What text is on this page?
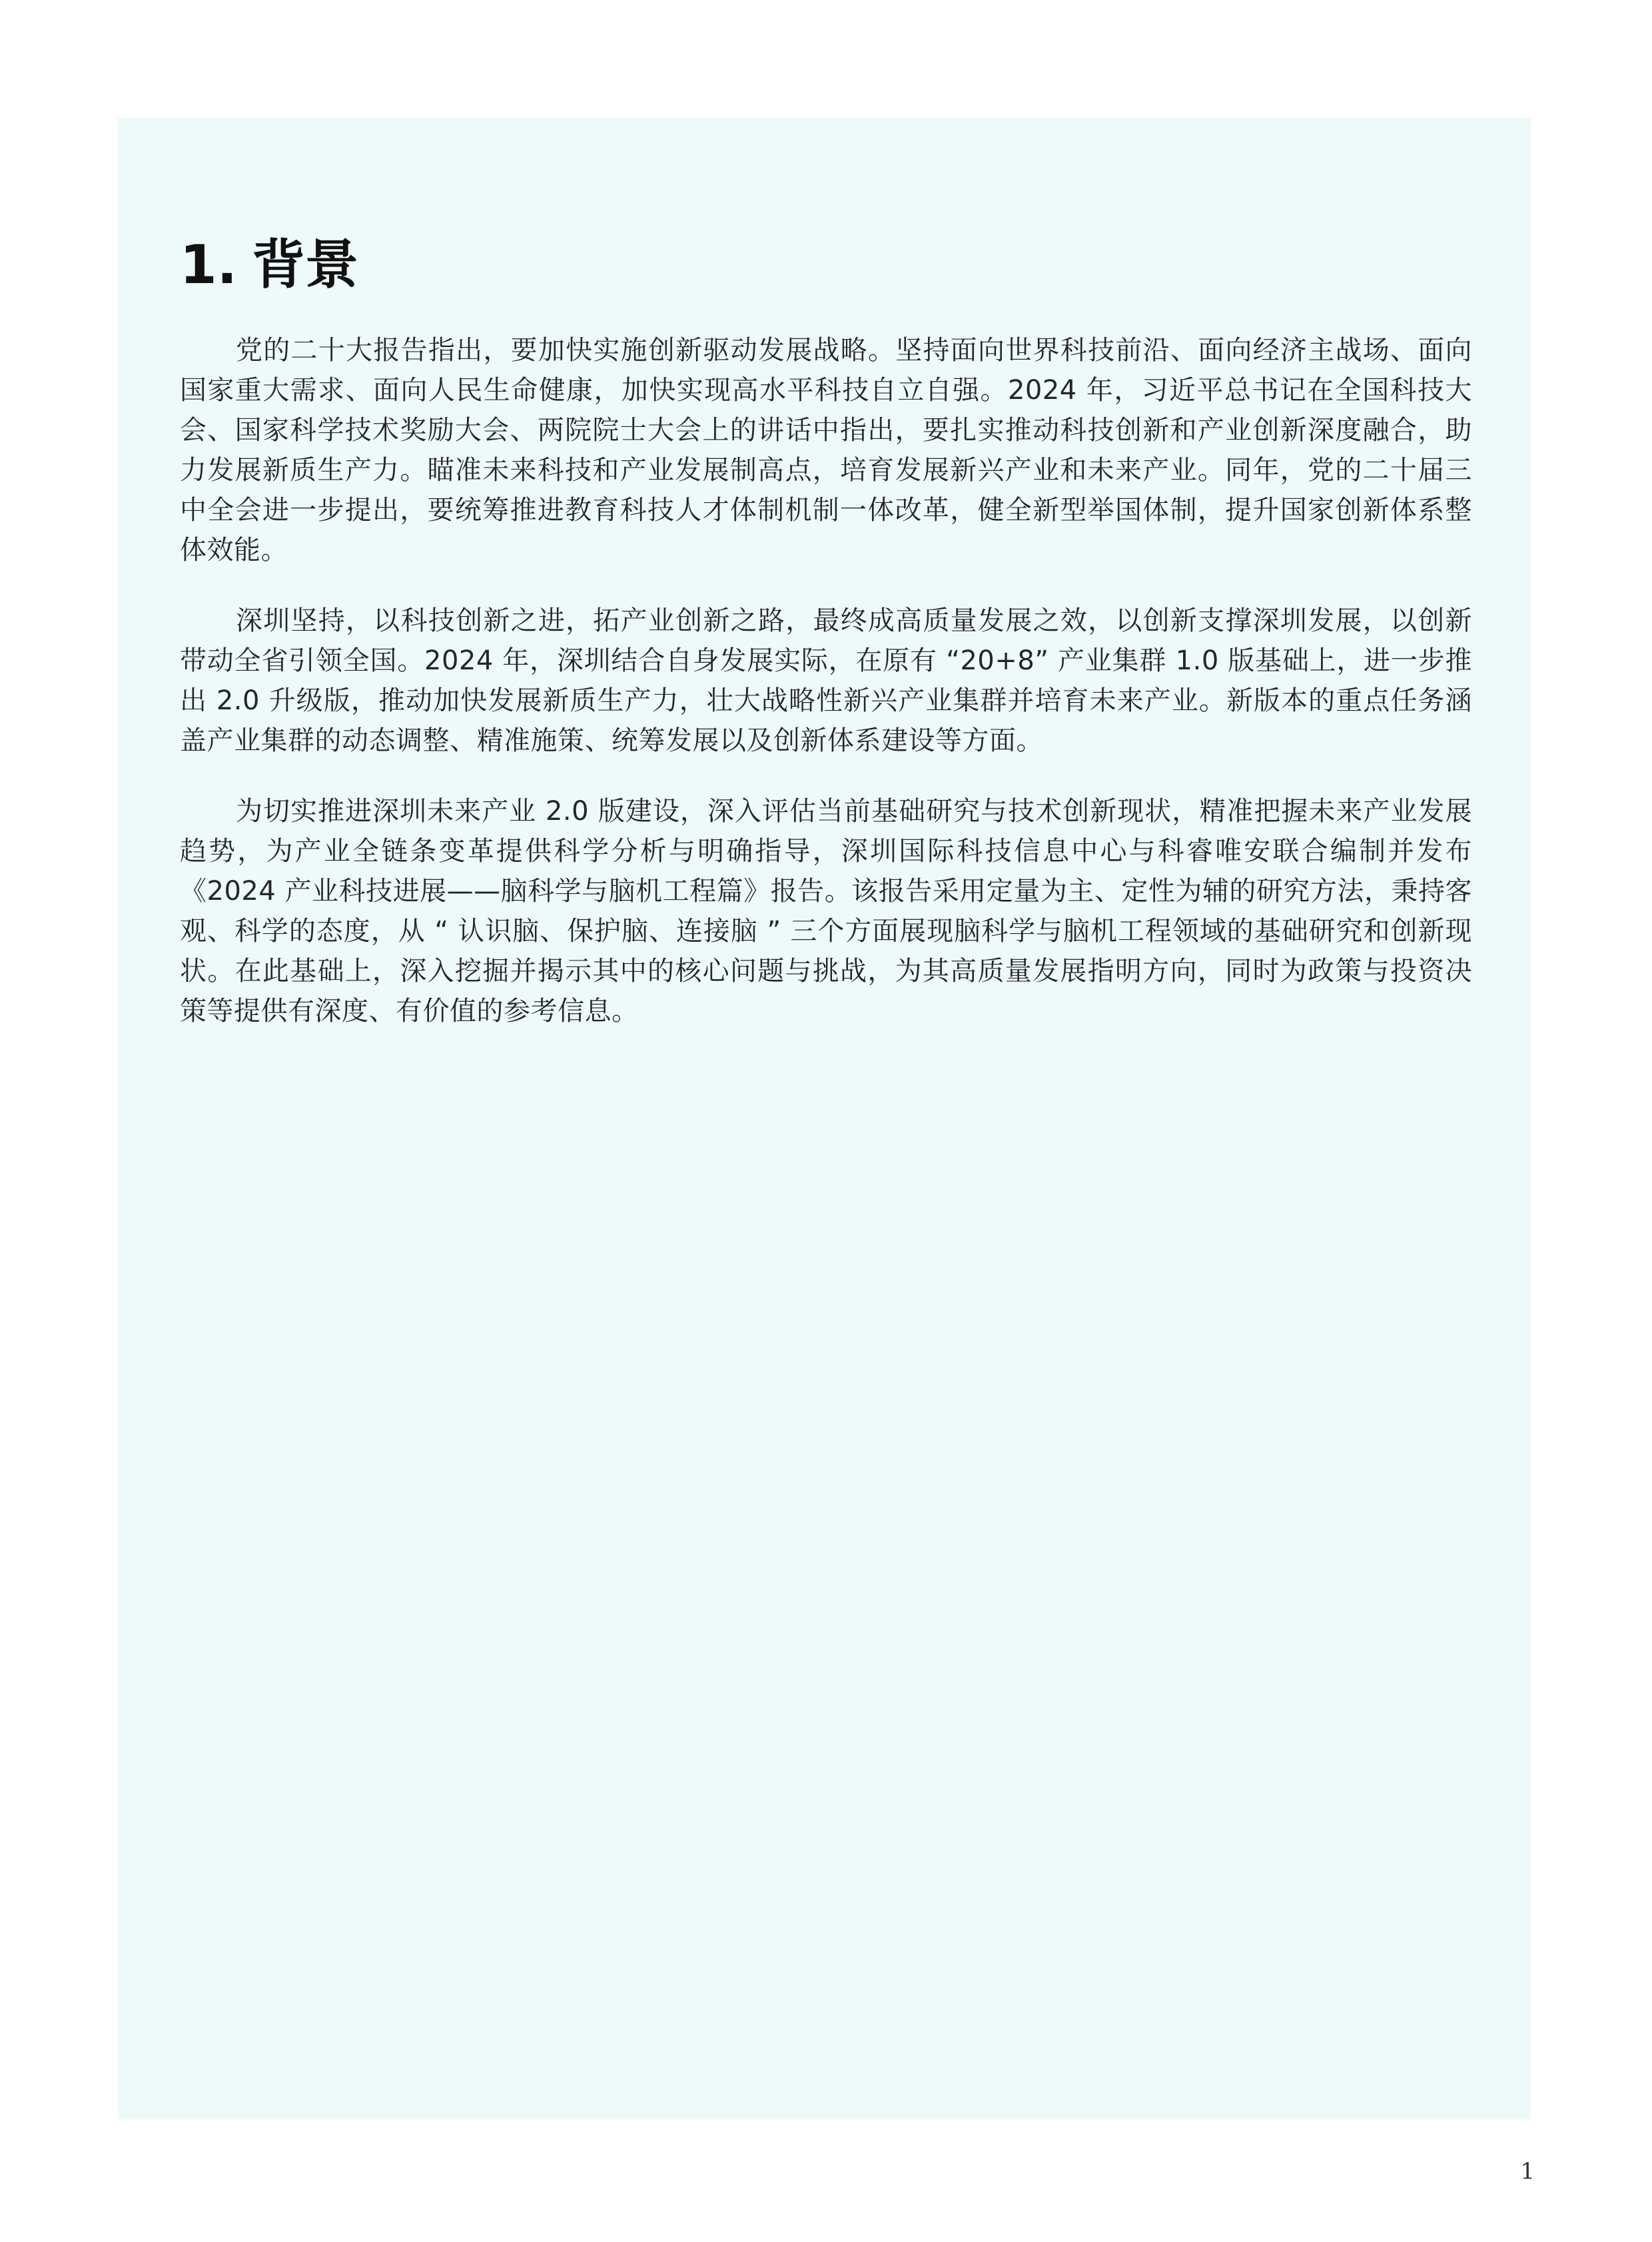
1. 背景

党的二十大报告指出，要加快实施创新驱动发展战略。坚持面向世界科技前沿、面向经济主战场、面向国家重大需求、面向人民生命健康，加快实现高水平科技自立自强。2024 年，习近平总书记在全国科技大会、国家科学技术奖励大会、两院院士大会上的讲话中指出，要扎实推动科技创新和产业创新深度融合，助力发展新质生产力。瞄准未来科技和产业发展制高点，培育发展新兴产业和未来产业。同年，党的二十届三中全会进一步提出，要统筹推进教育科技人才体制机制一体改革，健全新型举国体制，提升国家创新体系整体效能。

深圳坚持，以科技创新之进，拓产业创新之路，最终成高质量发展之效，以创新支撑深圳发展，以创新带动全省引领全国。2024 年，深圳结合自身发展实际，在原有 “20+8” 产业集群 1.0 版基础上，进一步推出 2.0 升级版，推动加快发展新质生产力，壮大战略性新兴产业集群并培育未来产业。新版本的重点任务涵盖产业集群的动态调整、精准施策、统筹发展以及创新体系建设等方面。

为切实推进深圳未来产业 2.0 版建设，深入评估当前基础研究与技术创新现状，精准把握未来产业发展趋势，为产业全链条变革提供科学分析与明确指导，深圳国际科技信息中心与科睿唯安联合编制并发布《2024 产业科技进展——脑科学与脑机工程篇》报告。该报告采用定量为主、定性为辅的研究方法，秉持客观、科学的态度，从 “ 认识脑、保护脑、连接脑 ” 三个方面展现脑科学与脑机工程领域的基础研究和创新现状。在此基础上，深入挖掘并揭示其中的核心问题与挑战，为其高质量发展指明方向，同时为政策与投资决策等提供有深度、有价值的参考信息。

1
